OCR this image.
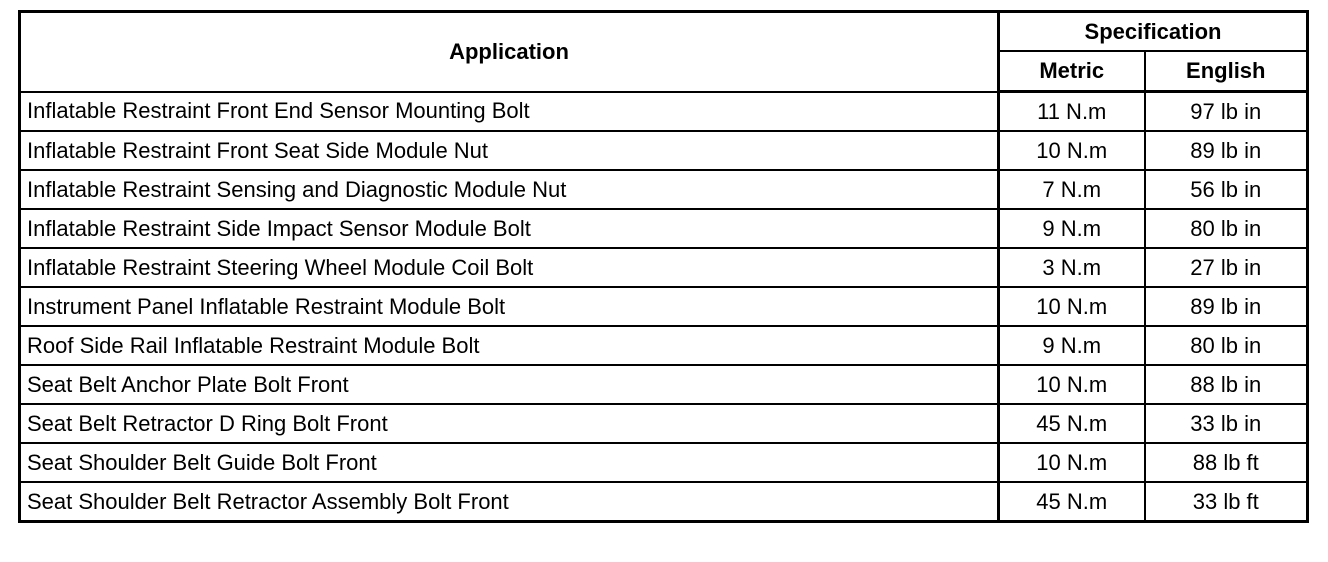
Application	Specification	
	Metric	English
Inflatable Restraint Front End Sensor Mounting Bolt	11 N.m	97 lb in
Inflatable Restraint Front Seat Side Module Nut	10 N.m	89 lb in
Inflatable Restraint Sensing and Diagnostic Module Nut	7 N.m	56 lb in
Inflatable Restraint Side Impact Sensor Module Bolt	9 N.m	80 lb in
Inflatable Restraint Steering Wheel Module Coil Bolt	3 N.m	27 lb in
Instrument Panel Inflatable Restraint Module Bolt	10 N.m	89 lb in
Roof Side Rail Inflatable Restraint Module Bolt	9 N.m	80 lb in
Seat Belt Anchor Plate Bolt Front	10 N.m	88 lb in
Seat Belt Retractor D Ring Bolt Front	45 N.m	33 lb in
Seat Shoulder Belt Guide Bolt Front	10 N.m	88 lb ft
Seat Shoulder Belt Retractor Assembly Bolt Front	45 N.m	33 lb ft
